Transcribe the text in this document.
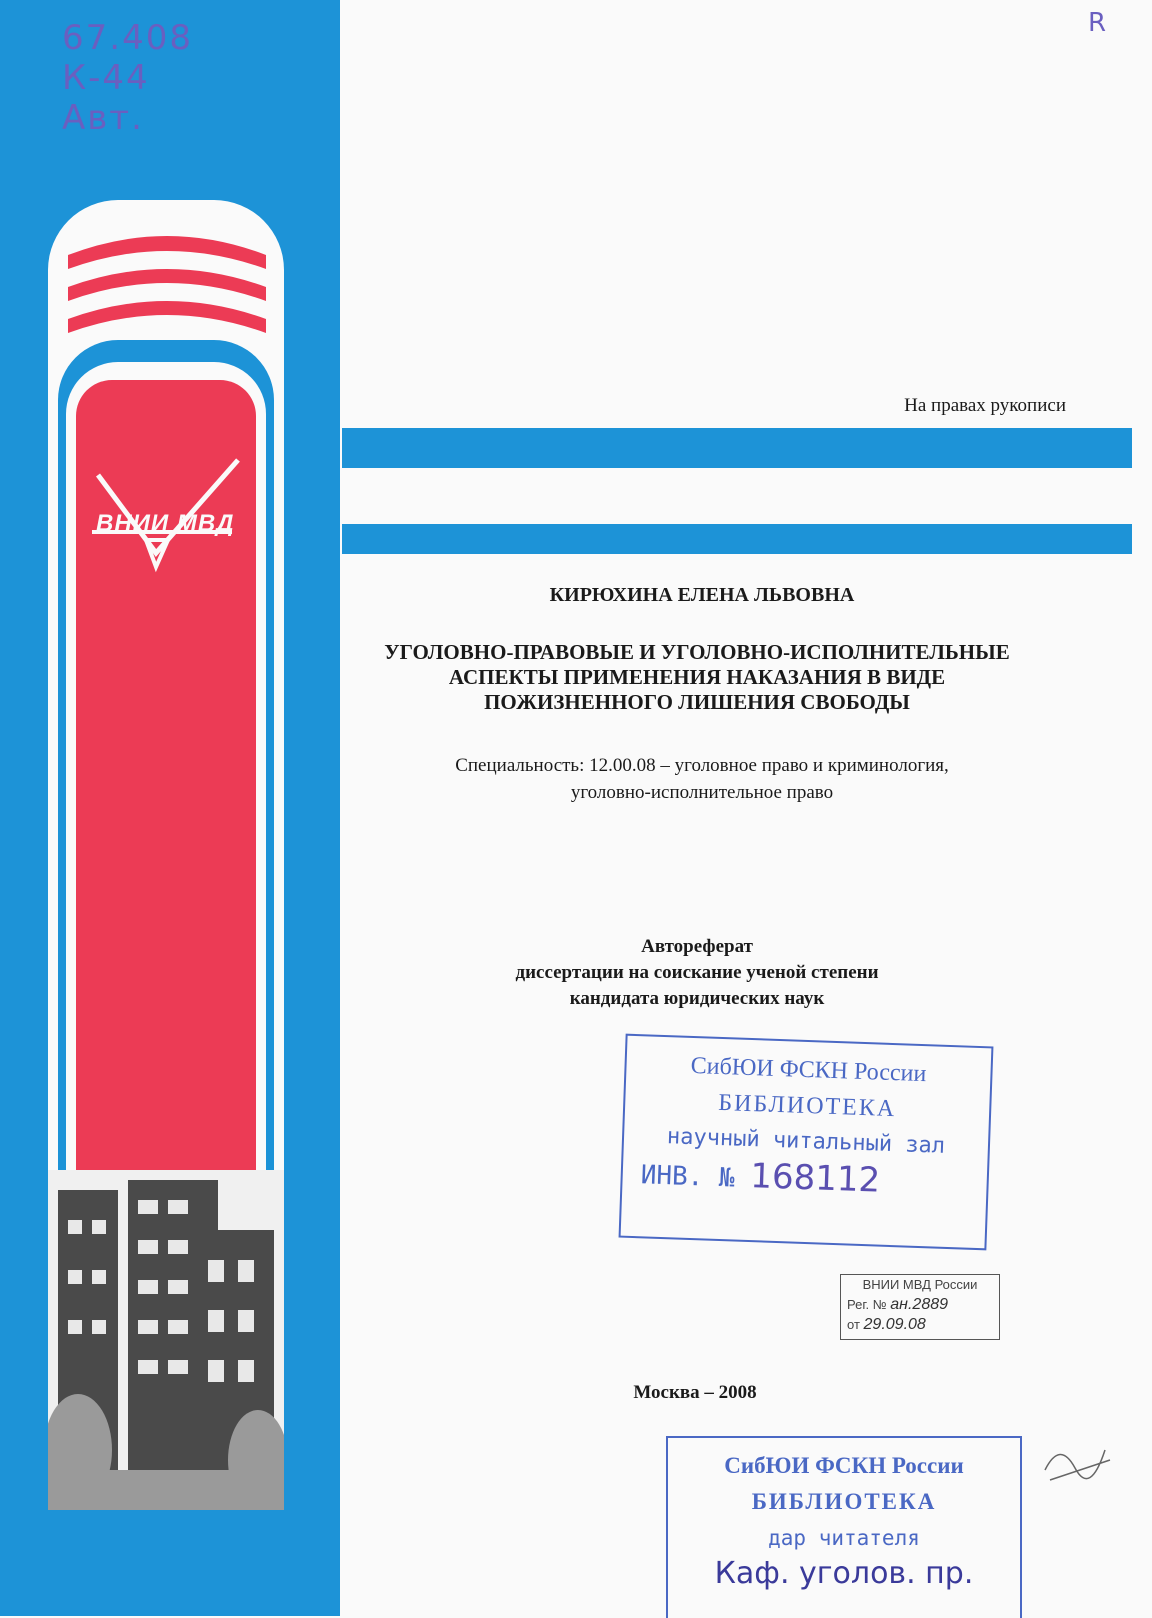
67.408
К-44
Авт.
ВНИИ МВД
R
На правах рукописи
КИРЮХИНА ЕЛЕНА ЛЬВОВНА
УГОЛОВНО-ПРАВОВЫЕ И УГОЛОВНО-ИСПОЛНИТЕЛЬНЫЕ
АСПЕКТЫ ПРИМЕНЕНИЯ НАКАЗАНИЯ В ВИДЕ
ПОЖИЗНЕННОГО ЛИШЕНИЯ СВОБОДЫ
Специальность: 12.00.08 – уголовное право и криминология,
уголовно-исполнительное право
Автореферат
диссертации на соискание ученой степени
кандидата юридических наук
СибЮИ ФСКН России
БИБЛИОТЕКА
научный читальный зал
ИНВ. № 168112
ВНИИ МВД России
Рег. № ан.2889
от 29.09.08
Москва – 2008
СибЮИ ФСКН России
БИБЛИОТЕКА
дар читателя
Каф. уголов. пр.
